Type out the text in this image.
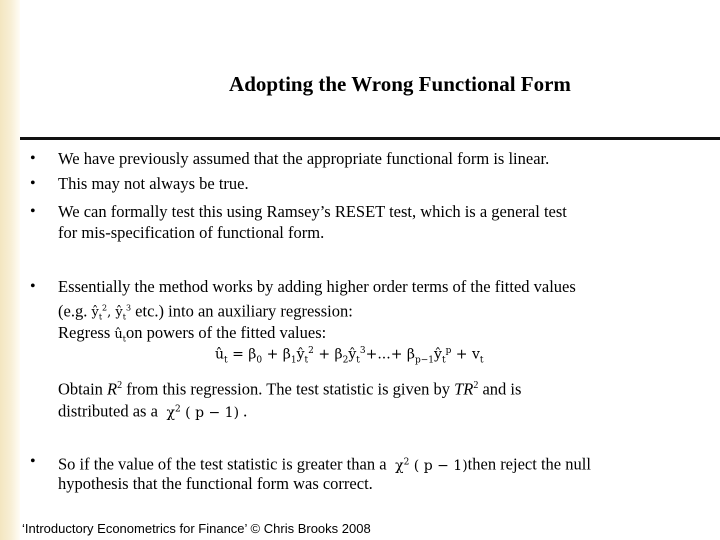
Adopting the Wrong Functional Form
• We have previously assumed that the appropriate functional form is linear.
• This may not always be true.
• We can formally test this using Ramsey’s RESET test, which is a general test
for mis-specification of functional form.
• Essentially the method works by adding higher order terms of the fitted values
(e.g. $ŷ_t^2$, $ŷ_t^3$ etc.) into an auxiliary regression:
Regress $û_ton$ powers of the fitted values:
$û_t = \beta_0$ + $\beta_1ŷ_t^2$ + $\beta_2ŷ_t^3+...+$ $\beta_{p-1}ŷ_t^p + v_t$
Obtain $R^2$ from this regression. The test statistic is given by $TR^2$ and is
distributed as a  $\chi^2$ ( p − 1) .
• So if the value of the test statistic is greater than a  $\chi^2$ ( p − 1)then reject the null
hypothesis that the functional form was correct.
‘Introductory Econometrics for Finance’ © Chris Brooks 2008
